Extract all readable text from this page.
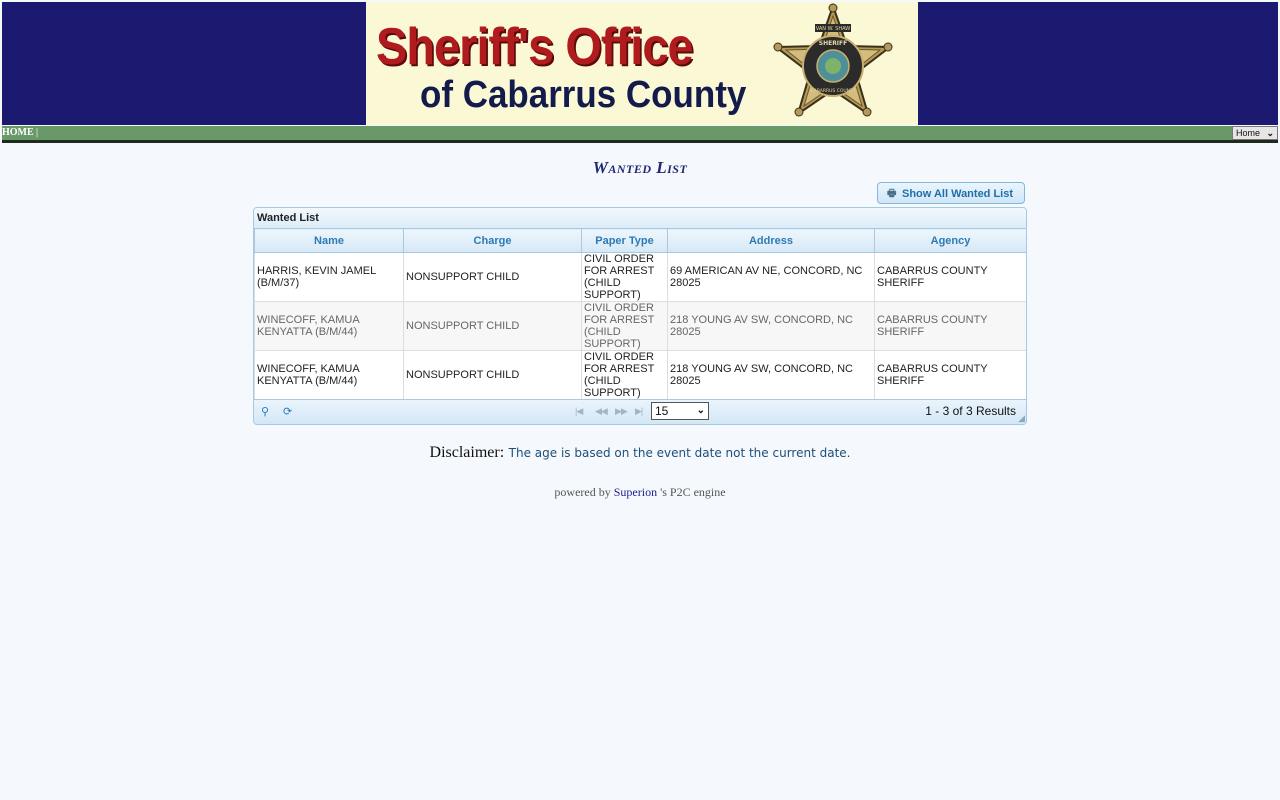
Sheriff's Office
of Cabarrus County
VAN W. SHAW
SHERIFF
CABARRUS COUNTY
HOME |	Home ⌄
Wanted List
🖶 Show All Wanted List
Wanted List
Name	Charge	Paper Type	Address	Agency
HARRIS, KEVIN JAMEL (B/M/37)	NONSUPPORT CHILD	CIVIL ORDER FOR ARREST (CHILD SUPPORT)	69 AMERICAN AV NE, CONCORD, NC 28025	CABARRUS COUNTY SHERIFF
WINECOFF, KAMUA KENYATTA (B/M/44)	NONSUPPORT CHILD	CIVIL ORDER FOR ARREST (CHILD SUPPORT)	218 YOUNG AV SW, CONCORD, NC 28025	CABARRUS COUNTY SHERIFF
WINECOFF, KAMUA KENYATTA (B/M/44)	NONSUPPORT CHILD	CIVIL ORDER FOR ARREST (CHILD SUPPORT)	218 YOUNG AV SW, CONCORD, NC 28025	CABARRUS COUNTY SHERIFF
⚲ ⟳	|◀ ◀◀ ▶▶ ▶|	15	⌄	1 - 3 of 3 Results ◢
Disclaimer: The age is based on the event date not the current date.
powered by Superion 's P2C engine
